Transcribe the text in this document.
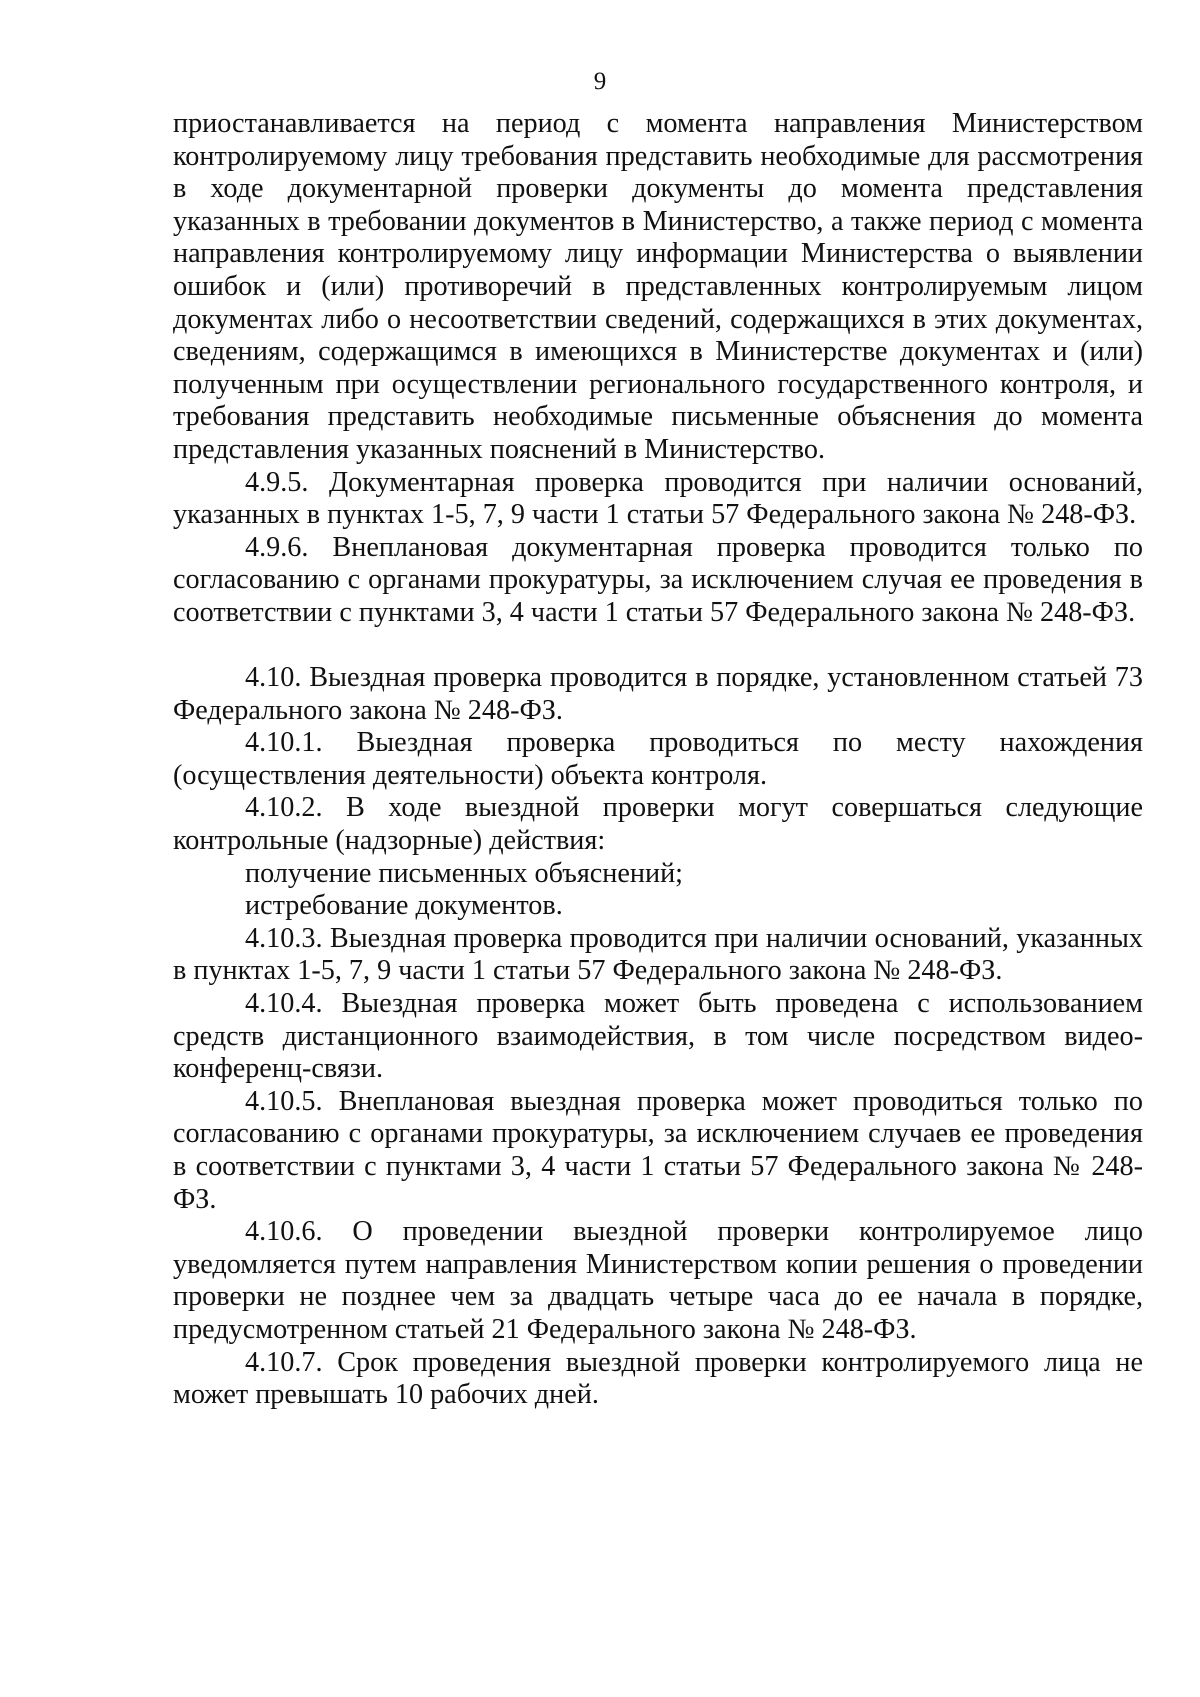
9

приостанавливается на период с момента направления Министерством контролируемому лицу требования представить необходимые для рассмотрения в ходе документарной проверки документы до момента представления указанных в требовании документов в Министерство, а также период с момента направления контролируемому лицу информации Министерства о выявлении ошибок и (или) противоречий в представленных контролируемым лицом документах либо о несоответствии сведений, содержащихся в этих документах, сведениям, содержащимся в имеющихся в Министерстве документах и (или) полученным при осуществлении регионального государственного контроля, и требования представить необходимые письменные объяснения до момента представления указанных пояснений в Министерство.

4.9.5. Документарная проверка проводится при наличии оснований, указанных в пунктах 1-5, 7, 9 части 1 статьи 57 Федерального закона № 248-ФЗ.

4.9.6. Внеплановая документарная проверка проводится только по согласованию с органами прокуратуры, за исключением случая ее проведения в соответствии с пунктами 3, 4 части 1 статьи 57 Федерального закона № 248-ФЗ.

4.10. Выездная проверка проводится в порядке, установленном статьей 73 Федерального закона № 248-ФЗ.

4.10.1. Выездная проверка проводиться по месту нахождения (осуществления деятельности) объекта контроля.

4.10.2. В ходе выездной проверки могут совершаться следующие контрольные (надзорные) действия:

получение письменных объяснений;

истребование документов.

4.10.3. Выездная проверка проводится при наличии оснований, указанных в пунктах 1-5, 7, 9 части 1 статьи 57 Федерального закона № 248-ФЗ.

4.10.4. Выездная проверка может быть проведена с использованием средств дистанционного взаимодействия, в том числе посредством видео-конференц-связи.

4.10.5. Внеплановая выездная проверка может проводиться только по согласованию с органами прокуратуры, за исключением случаев ее проведения в соответствии с пунктами 3, 4 части 1 статьи 57 Федерального закона № 248-ФЗ.

4.10.6. О проведении выездной проверки контролируемое лицо уведомляется путем направления Министерством копии решения о проведении проверки не позднее чем за двадцать четыре часа до ее начала в порядке, предусмотренном статьей 21 Федерального закона № 248-ФЗ.

4.10.7. Срок проведения выездной проверки контролируемого лица не может превышать 10 рабочих дней.
